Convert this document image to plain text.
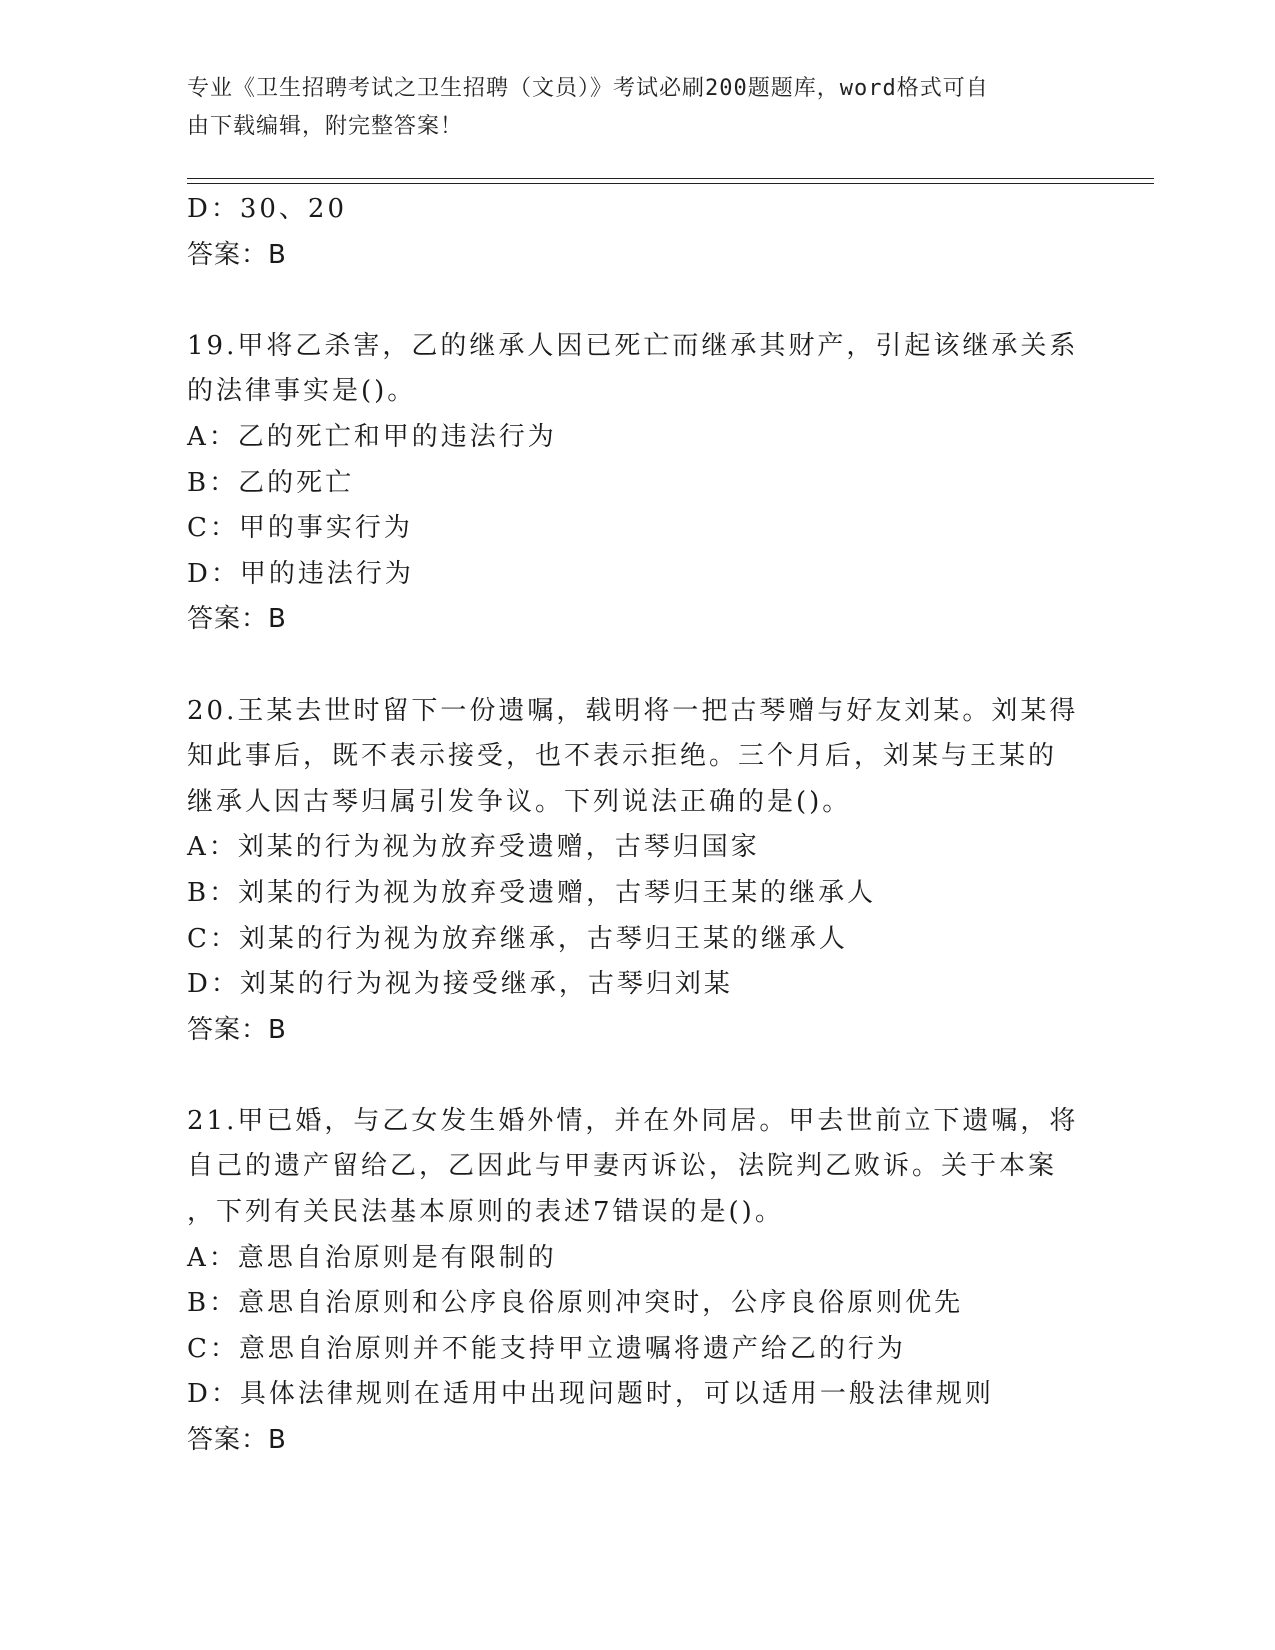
专业《卫生招聘考试之卫生招聘（文员）》考试必刷200题题库，word格式可自
由下载编辑，附完整答案！
D：30、20
答案：B
19.甲将乙杀害，乙的继承人因已死亡而继承其财产，引起该继承关系
的法律事实是()。
A：乙的死亡和甲的违法行为
B：乙的死亡
C：甲的事实行为
D：甲的违法行为
答案：B
20.王某去世时留下一份遗嘱，载明将一把古琴赠与好友刘某。刘某得
知此事后，既不表示接受，也不表示拒绝。三个月后，刘某与王某的
继承人因古琴归属引发争议。下列说法正确的是()。
A：刘某的行为视为放弃受遗赠，古琴归国家
B：刘某的行为视为放弃受遗赠，古琴归王某的继承人
C：刘某的行为视为放弃继承，古琴归王某的继承人
D：刘某的行为视为接受继承，古琴归刘某
答案：B
21.甲已婚，与乙女发生婚外情，并在外同居。甲去世前立下遗嘱，将
自己的遗产留给乙，乙因此与甲妻丙诉讼，法院判乙败诉。关于本案
，下列有关民法基本原则的表述7错误的是()。
A：意思自治原则是有限制的
B：意思自治原则和公序良俗原则冲突时，公序良俗原则优先
C：意思自治原则并不能支持甲立遗嘱将遗产给乙的行为
D：具体法律规则在适用中出现问题时，可以适用一般法律规则
答案：B
